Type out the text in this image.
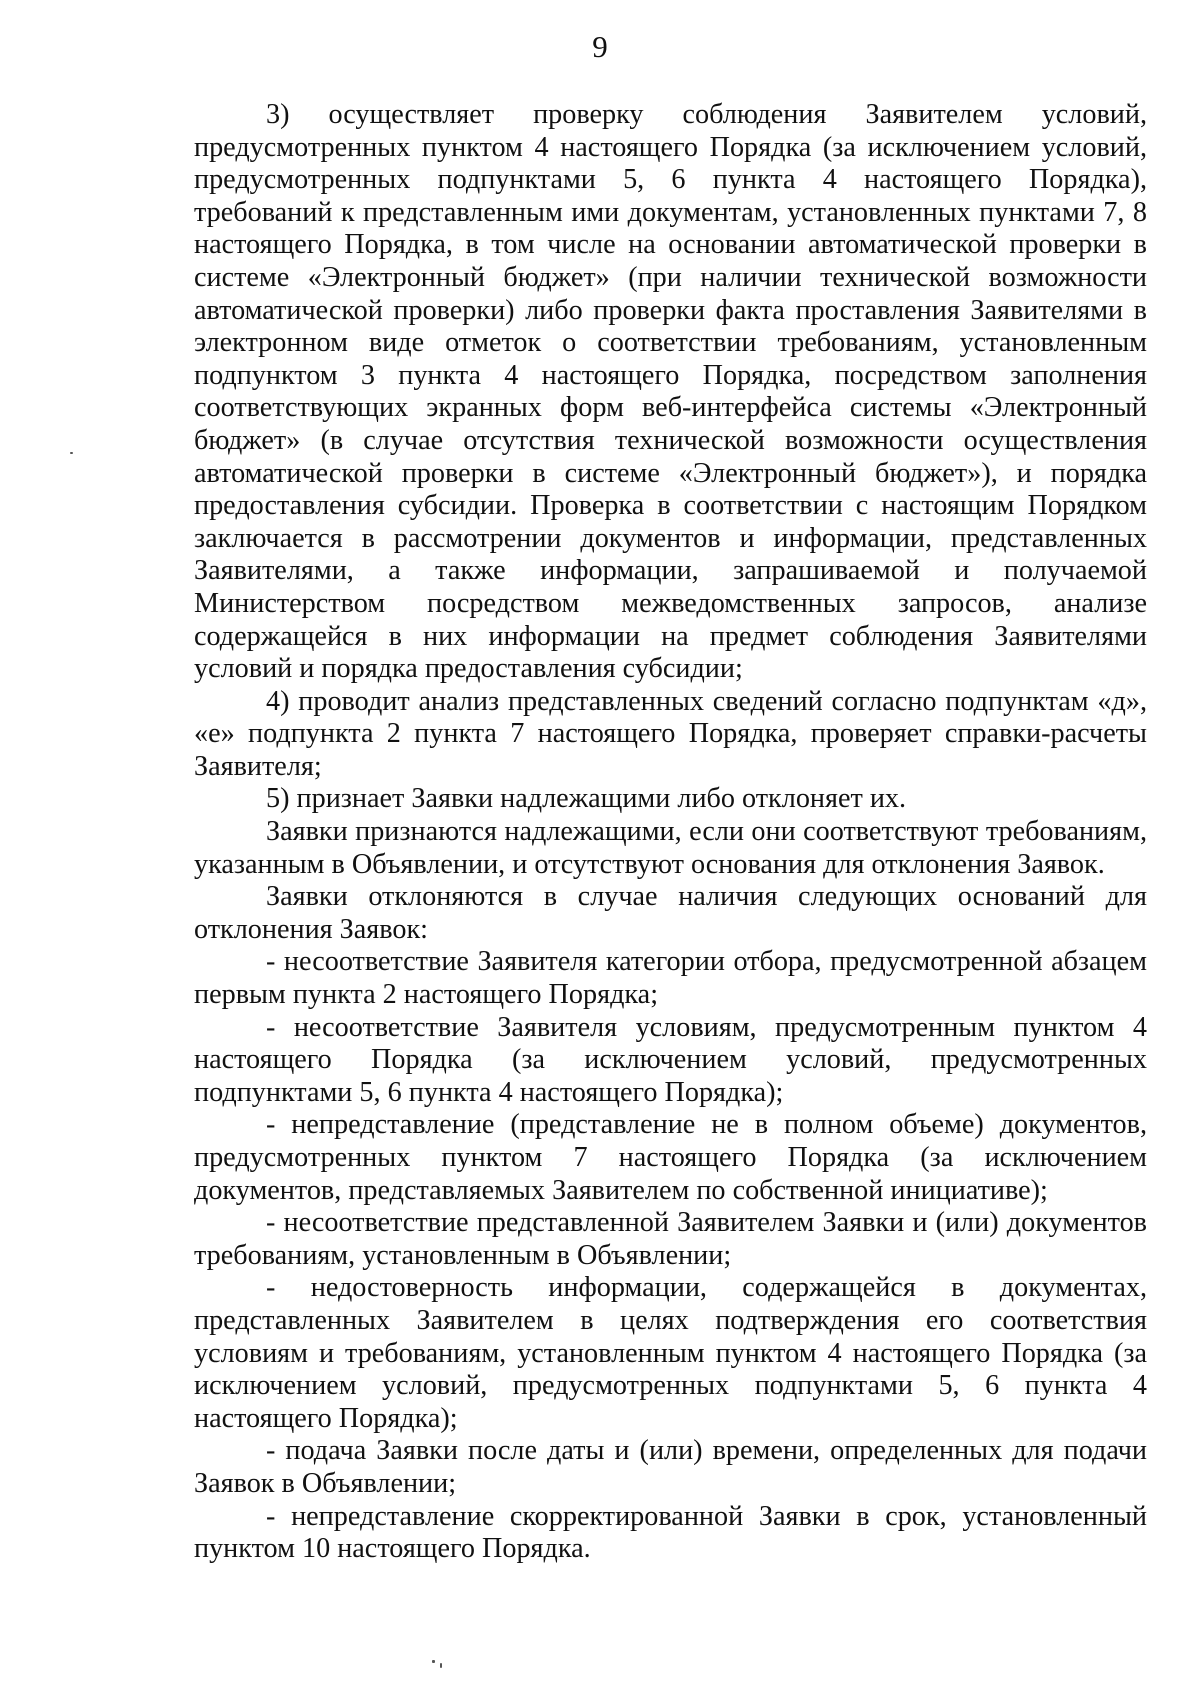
9

3) осуществляет проверку соблюдения Заявителем условий, предусмотренных пунктом 4 настоящего Порядка (за исключением условий, предусмотренных подпунктами 5, 6 пункта 4 настоящего Порядка), требований к представленным ими документам, установленных пунктами 7, 8 настоящего Порядка, в том числе на основании автоматической проверки в системе «Электронный бюджет» (при наличии технической возможности автоматической проверки) либо проверки факта проставления Заявителями в электронном виде отметок о соответствии требованиям, установленным подпунктом 3 пункта 4 настоящего Порядка, посредством заполнения соответствующих экранных форм веб-интерфейса системы «Электронный бюджет» (в случае отсутствия технической возможности осуществления автоматической проверки в системе «Электронный бюджет»), и порядка предоставления субсидии. Проверка в соответствии с настоящим Порядком заключается в рассмотрении документов и информации, представленных Заявителями, а также информации, запрашиваемой и получаемой Министерством посредством межведомственных запросов, анализе содержащейся в них информации на предмет соблюдения Заявителями условий и порядка предоставления субсидии;

4) проводит анализ представленных сведений согласно подпунктам «д», «е» подпункта 2 пункта 7 настоящего Порядка, проверяет справки-расчеты Заявителя;

5) признает Заявки надлежащими либо отклоняет их.

Заявки признаются надлежащими, если они соответствуют требованиям, указанным в Объявлении, и отсутствуют основания для отклонения Заявок.

Заявки отклоняются в случае наличия следующих оснований для отклонения Заявок:

- несоответствие Заявителя категории отбора, предусмотренной абзацем первым пункта 2 настоящего Порядка;

- несоответствие Заявителя условиям, предусмотренным пунктом 4 настоящего Порядка (за исключением условий, предусмотренных подпунктами 5, 6 пункта 4 настоящего Порядка);

- непредставление (представление не в полном объеме) документов, предусмотренных пунктом 7 настоящего Порядка (за исключением документов, представляемых Заявителем по собственной инициативе);

- несоответствие представленной Заявителем Заявки и (или) документов требованиям, установленным в Объявлении;

- недостоверность информации, содержащейся в документах, представленных Заявителем в целях подтверждения его соответствия условиям и требованиям, установленным пунктом 4 настоящего Порядка (за исключением условий, предусмотренных подпунктами 5, 6 пункта 4 настоящего Порядка);

- подача Заявки после даты и (или) времени, определенных для подачи Заявок в Объявлении;

- непредставление скорректированной Заявки в срок, установленный пунктом 10 настоящего Порядка.
